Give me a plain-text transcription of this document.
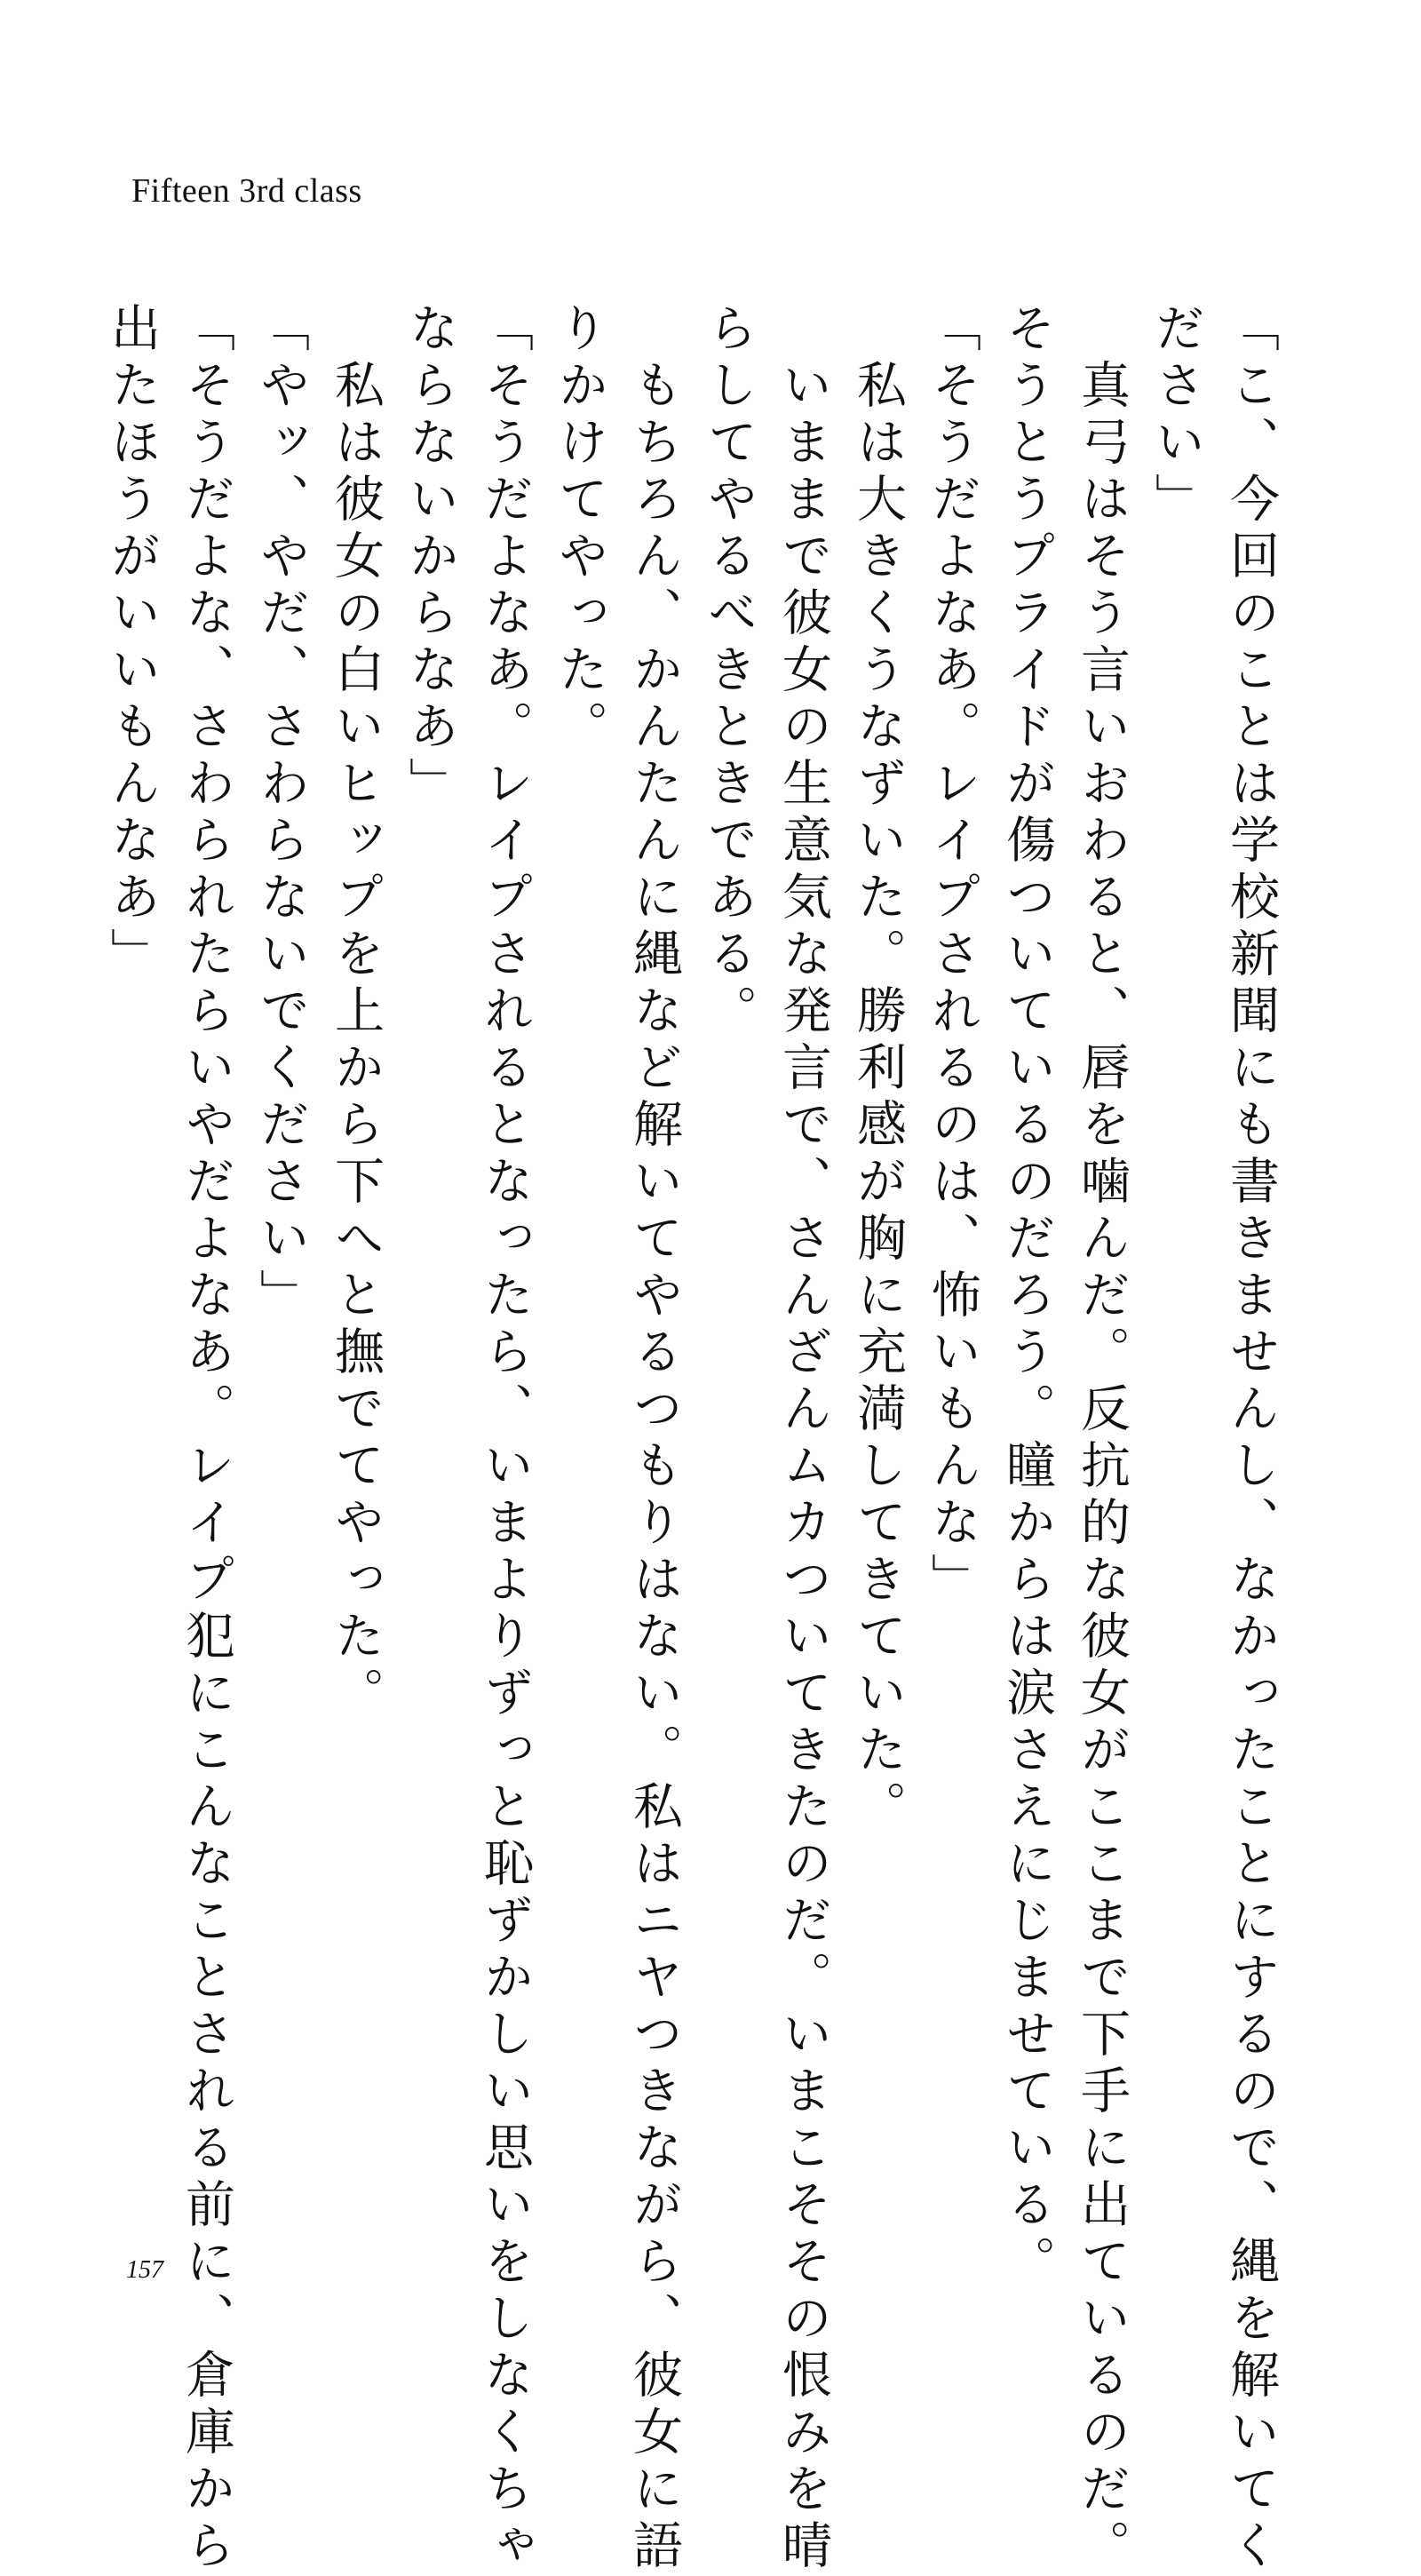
Fifteen 3rd class

「こ、今回のことは学校新聞にも書きませんし、なかったことにするので、縄を解いてく

ださい」

　真弓はそう言いおわると、唇を噛んだ。反抗的な彼女がここまで下手に出ているのだ。

そうとうプライドが傷ついているのだろう。瞳からは涙さえにじませている。

「そうだよなあ。レイプされるのは、怖いもんな」

　私は大きくうなずいた。勝利感が胸に充満してきていた。

　いままで彼女の生意気な発言で、さんざんムカついてきたのだ。いまこそその恨みを晴

らしてやるべきときである。

　もちろん、かんたんに縄など解いてやるつもりはない。私はニヤつきながら、彼女に語

りかけてやった。

「そうだよなあ。レイプされるとなったら、いまよりずっと恥ずかしい思いをしなくちゃ

ならないからなあ」

　私は彼女の白いヒップを上から下へと撫でてやった。

「やッ、やだ、さわらないでください」

「そうだよな、さわられたらいやだよなあ。レイプ犯にこんなことされる前に、倉庫から

出たほうがいいもんなあ」

157
